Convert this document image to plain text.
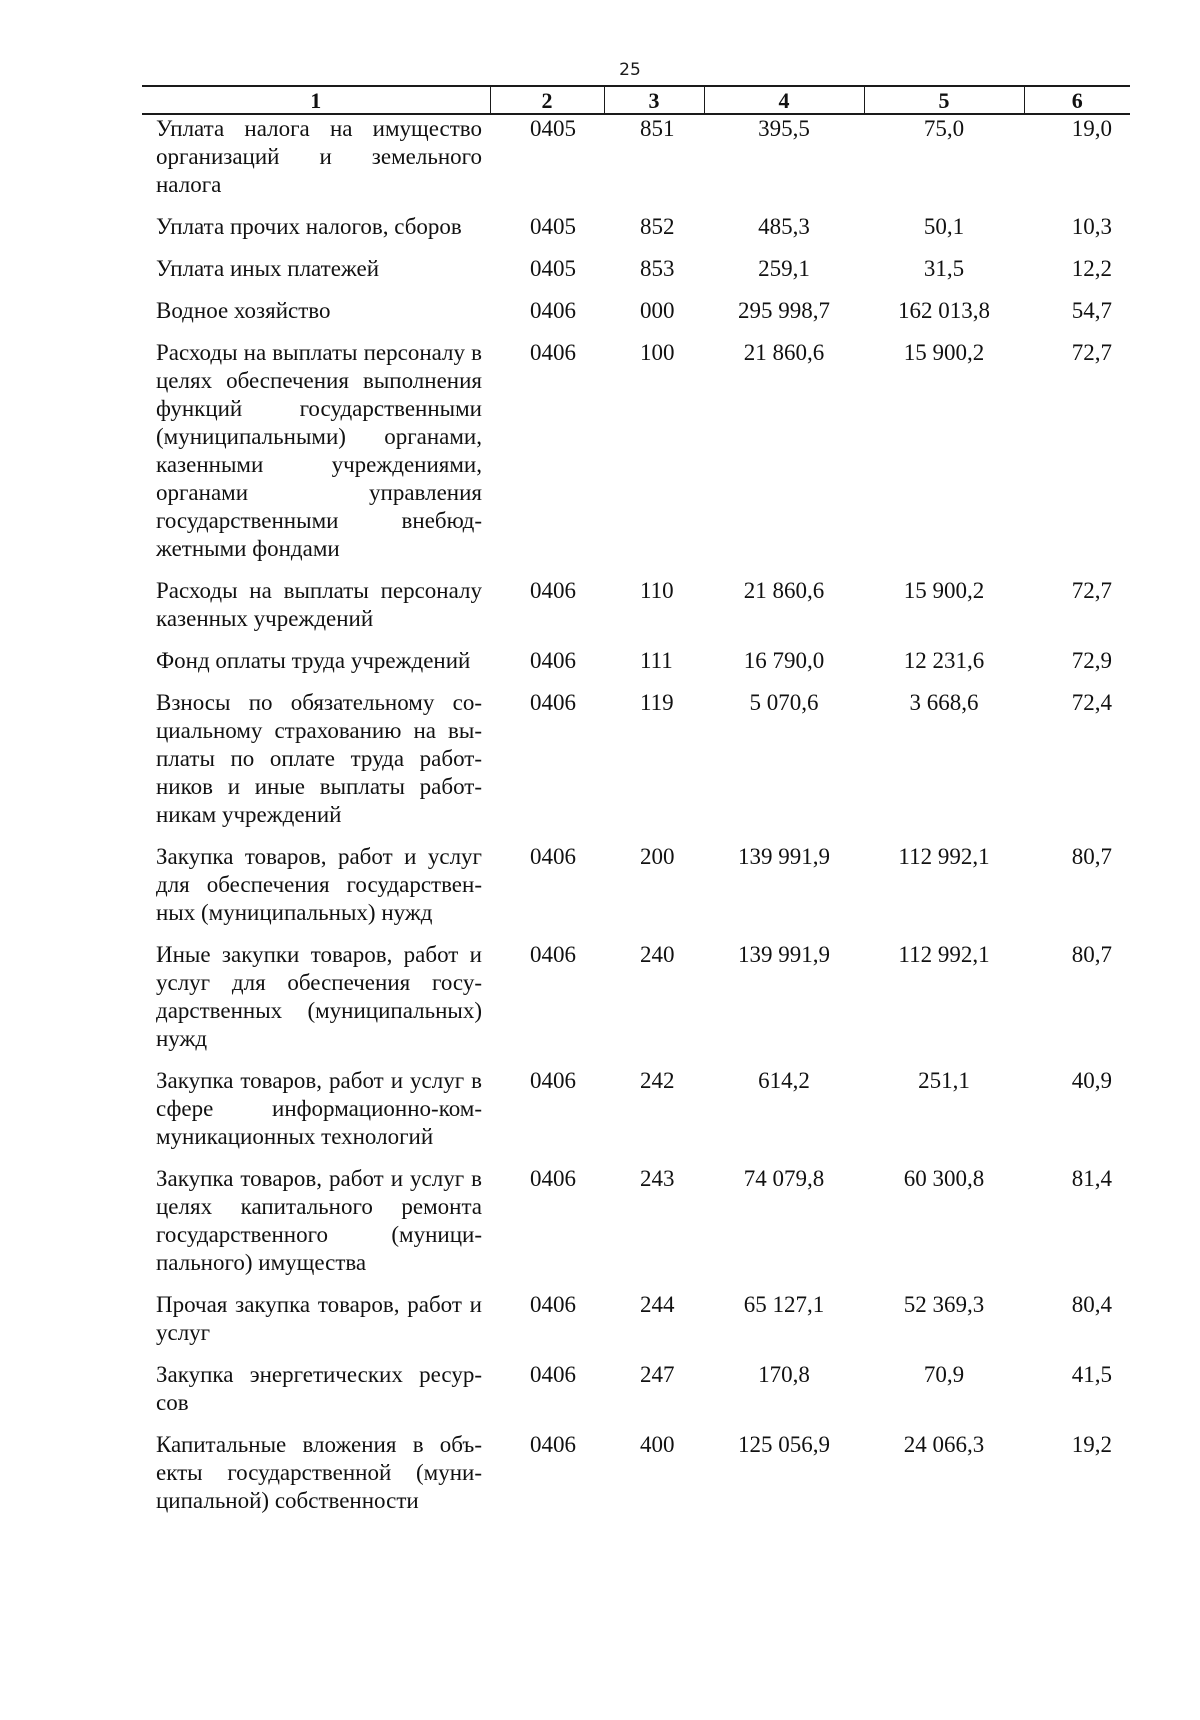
25
1	2	3	4	5	6
Уплата налога на имущество организаций и земельного налога	0405	851	395,5	75,0	19,0
Уплата прочих налогов, сборов	0405	852	485,3	50,1	10,3
Уплата иных платежей	0405	853	259,1	31,5	12,2
Водное хозяйство	0406	000	295 998,7	162 013,8	54,7
Расходы на выплаты персоналу в целях обеспечения выполнения функций государственными (муниципальными) органами, казенными учреждениями, органами управления государственными внебюджетными фондами	0406	100	21 860,6	15 900,2	72,7
Расходы на выплаты персоналу казенных учреждений	0406	110	21 860,6	15 900,2	72,7
Фонд оплаты труда учреждений	0406	111	16 790,0	12 231,6	72,9
Взносы по обязательному социальному страхованию на выплаты по оплате труда работников и иные выплаты работникам учреждений	0406	119	5 070,6	3 668,6	72,4
Закупка товаров, работ и услуг для обеспечения государственных (муниципальных) нужд	0406	200	139 991,9	112 992,1	80,7
Иные закупки товаров, работ и услуг для обеспечения государственных (муниципальных) нужд	0406	240	139 991,9	112 992,1	80,7
Закупка товаров, работ и услуг в сфере информационно-коммуникационных технологий	0406	242	614,2	251,1	40,9
Закупка товаров, работ и услуг в целях капитального ремонта государственного (муниципального) имущества	0406	243	74 079,8	60 300,8	81,4
Прочая закупка товаров, работ и услуг	0406	244	65 127,1	52 369,3	80,4
Закупка энергетических ресурсов	0406	247	170,8	70,9	41,5
Капитальные вложения в объекты государственной (муниципальной) собственности	0406	400	125 056,9	24 066,3	19,2
